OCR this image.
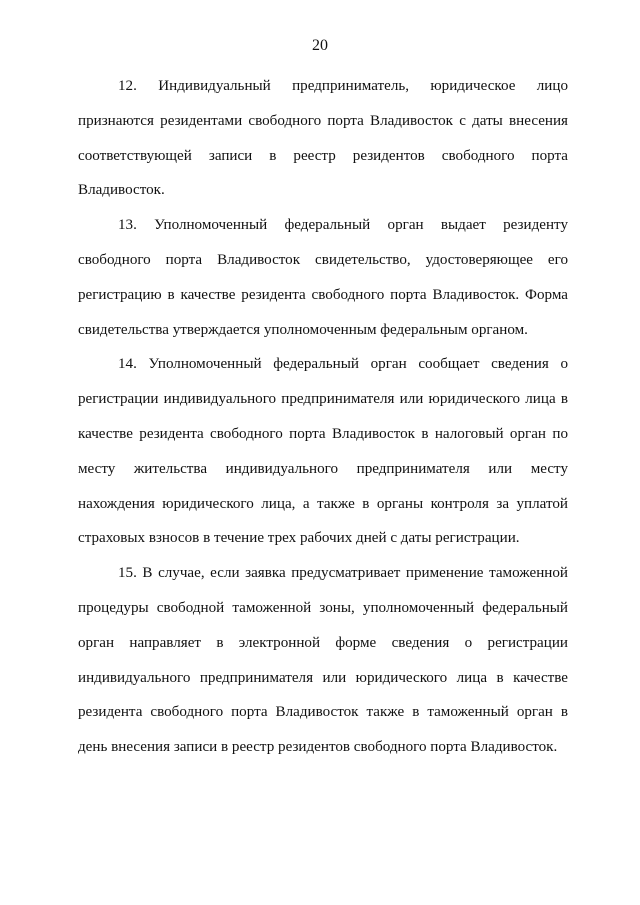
20

12. Индивидуальный предприниматель, юридическое лицо
признаются резидентами свободного порта Владивосток с даты внесения
соответствующей записи в реестр резидентов свободного порта
Владивосток.

13. Уполномоченный федеральный орган выдает резиденту
свободного порта Владивосток свидетельство, удостоверяющее его
регистрацию в качестве резидента свободного порта Владивосток. Форма
свидетельства утверждается уполномоченным федеральным органом.

14. Уполномоченный федеральный орган сообщает сведения о
регистрации индивидуального предпринимателя или юридического лица в
качестве резидента свободного порта Владивосток в налоговый орган по
месту жительства индивидуального предпринимателя или месту
нахождения юридического лица, а также в органы контроля за уплатой
страховых взносов в течение трех рабочих дней с даты регистрации.

15. В случае, если заявка предусматривает применение таможенной
процедуры свободной таможенной зоны, уполномоченный федеральный
орган направляет в электронной форме сведения о регистрации
индивидуального предпринимателя или юридического лица в качестве
резидента свободного порта Владивосток также в таможенный орган в
день внесения записи в реестр резидентов свободного порта Владивосток.
